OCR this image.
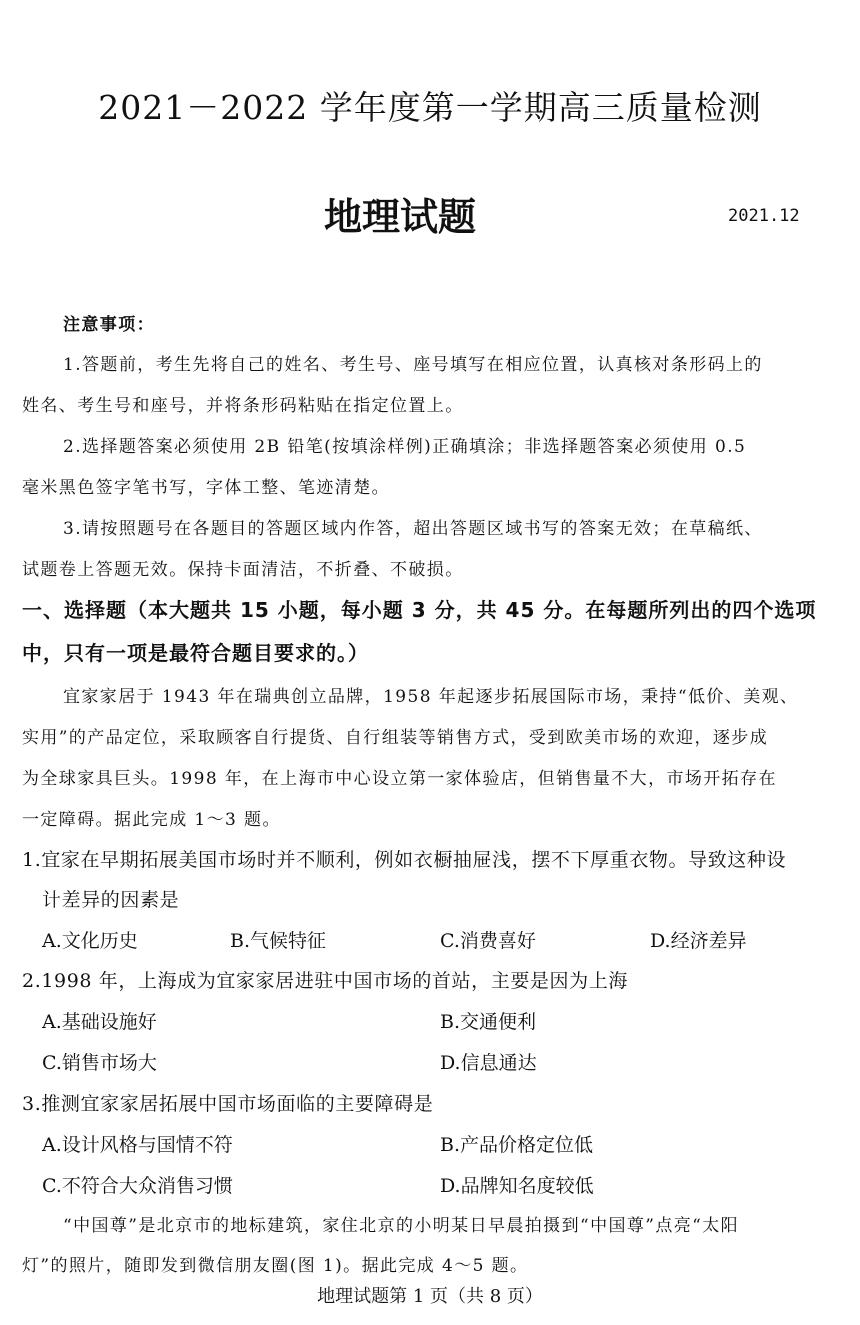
2021－2022 学年度第一学期高三质量检测
地理试题	2021.12
注意事项：
1.答题前，考生先将自己的姓名、考生号、座号填写在相应位置，认真核对条形码上的
姓名、考生号和座号，并将条形码粘贴在指定位置上。
2.选择题答案必须使用 2B 铅笔(按填涂样例)正确填涂；非选择题答案必须使用 0.5
毫米黑色签字笔书写，字体工整、笔迹清楚。
3.请按照题号在各题目的答题区域内作答，超出答题区域书写的答案无效；在草稿纸、
试题卷上答题无效。保持卡面清洁，不折叠、不破损。
一、选择题（本大题共 15 小题，每小题 3 分，共 45 分。在每题所列出的四个选项
中，只有一项是最符合题目要求的。）
宜家家居于 1943 年在瑞典创立品牌，1958 年起逐步拓展国际市场，秉持“低价、美观、
实用”的产品定位，采取顾客自行提货、自行组装等销售方式，受到欧美市场的欢迎，逐步成
为全球家具巨头。1998 年，在上海市中心设立第一家体验店，但销售量不大，市场开拓存在
一定障碍。据此完成 1～3 题。
1.宜家在早期拓展美国市场时并不顺利，例如衣橱抽屉浅，摆不下厚重衣物。导致这种设
计差异的因素是
A.文化历史	B.气候特征	C.消费喜好	D.经济差异
2.1998 年，上海成为宜家家居进驻中国市场的首站，主要是因为上海
A.基础设施好	B.交通便利
C.销售市场大	D.信息通达
3.推测宜家家居拓展中国市场面临的主要障碍是
A.设计风格与国情不符	B.产品价格定位低
C.不符合大众消售习惯	D.品牌知名度较低
“中国尊”是北京市的地标建筑，家住北京的小明某日早晨拍摄到“中国尊”点亮“太阳
灯”的照片，随即发到微信朋友圈(图 1)。据此完成 4～5 题。
地理试题第 1 页（共 8 页）
